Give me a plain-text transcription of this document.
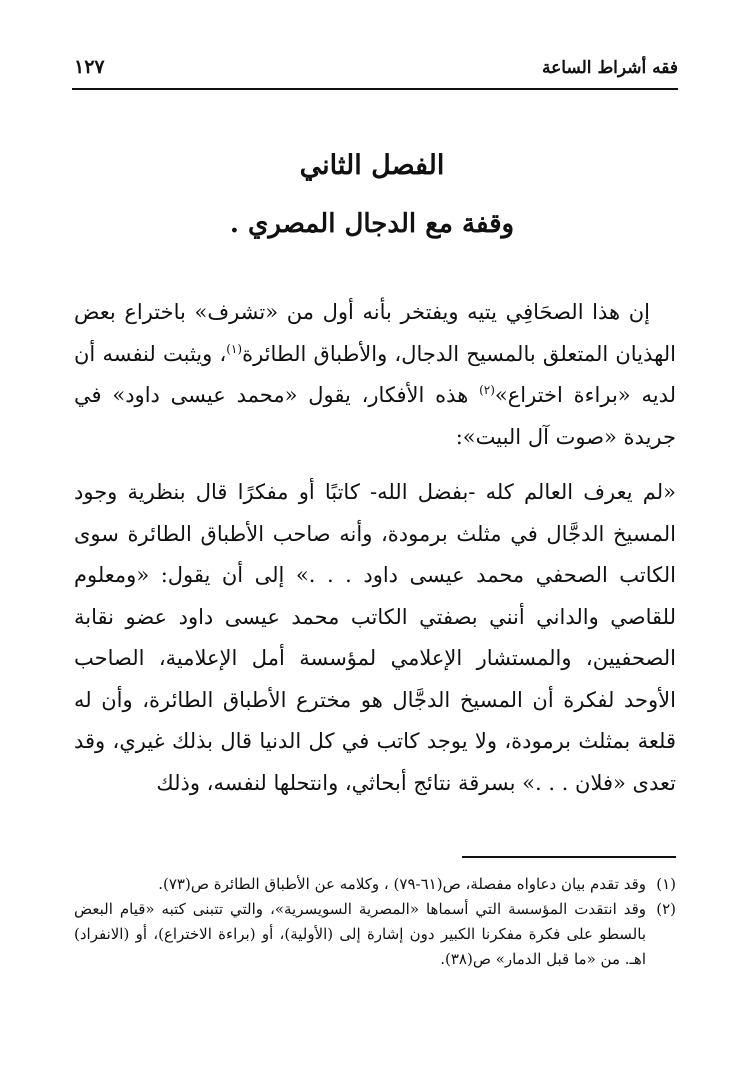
فقه أشراط الساعة
١٢٧
الفصل الثاني
وقفة مع الدجال المصري .

إن هذا الصحَافِي يتيه ويفتخر بأنه أول من «تشرف» باختراع بعض الهذيان المتعلق بالمسيح الدجال، والأطباق الطائرة$^{(١)}$، ويثبت لنفسه أن لديه «براءة اختراع»$^{(٢)}$ هذه الأفكار، يقول «محمد عيسى داود» في جريدة «صوت آل البيت»:

«لم يعرف العالم كله -بفضل الله- كاتبًا أو مفكرًا قال بنظرية وجود المسيخ الدجَّال في مثلث برمودة، وأنه صاحب الأطباق الطائرة سوى الكاتب الصحفي محمد عيسى داود . . .» إلى أن يقول: «ومعلوم للقاصي والداني أنني بصفتي الكاتب محمد عيسى داود عضو نقابة الصحفيين، والمستشار الإعلامي لمؤسسة أمل الإعلامية، الصاحب الأوحد لفكرة أن المسيخ الدجَّال هو مخترع الأطباق الطائرة، وأن له قلعة بمثلث برمودة، ولا يوجد كاتب في كل الدنيا قال بذلك غيري، وقد تعدى «فلان . . .» بسرقة نتائج أبحاثي، وانتحلها لنفسه، وذلك

(١)
وقد تقدم بيان دعاواه مفصلة، ص(٦١-٧٩) ، وكلامه عن الأطباق الطائرة ص(٧٣).
(٢)
وقد انتقدت المؤسسة التي أسماها «المصرية السويسرية»، والتي تتبنى كتبه «قيام البعض بالسطو على فكرة مفكرنا الكبير دون إشارة إلى (الأولية)، أو (براءة الاختراع)، أو (الانفراد) اهـ. من «ما قبل الدمار» ص(٣٨).
